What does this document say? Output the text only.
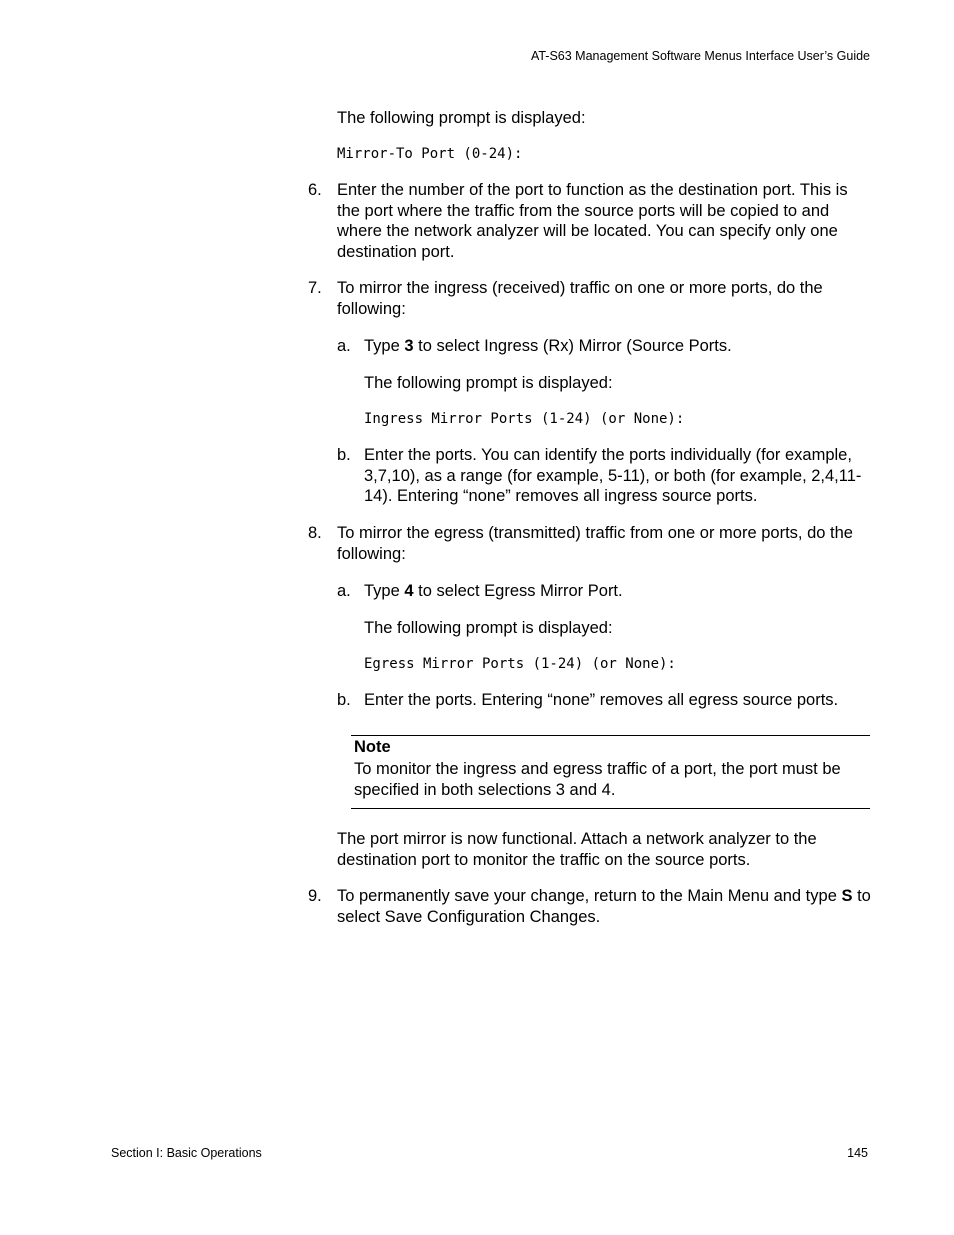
AT-S63 Management Software Menus Interface User’s Guide

The following prompt is displayed:

Mirror-To Port (0-24):
6. Enter the number of the port to function as the destination port. This is the port where the traffic from the source ports will be copied to and where the network analyzer will be located. You can specify only one destination port.

7. To mirror the ingress (received) traffic on one or more ports, do the following:

a. Type 3 to select Ingress (Rx) Mirror (Source Ports.

The following prompt is displayed:

Ingress Mirror Ports (1-24) (or None):
b. Enter the ports. You can identify the ports individually (for example, 3,7,10), as a range (for example, 5-11), or both (for example, 2,4,11-14). Entering “none” removes all ingress source ports.

8. To mirror the egress (transmitted) traffic from one or more ports, do the following:

a. Type 4 to select Egress Mirror Port.

The following prompt is displayed:

Egress Mirror Ports (1-24) (or None):
b. Enter the ports. Entering “none” removes all egress source ports.

Note

To monitor the ingress and egress traffic of a port, the port must be specified in both selections 3 and 4.

The port mirror is now functional. Attach a network analyzer to the destination port to monitor the traffic on the source ports.

9. To permanently save your change, return to the Main Menu and type S to select Save Configuration Changes.

Section I: Basic Operations	145
